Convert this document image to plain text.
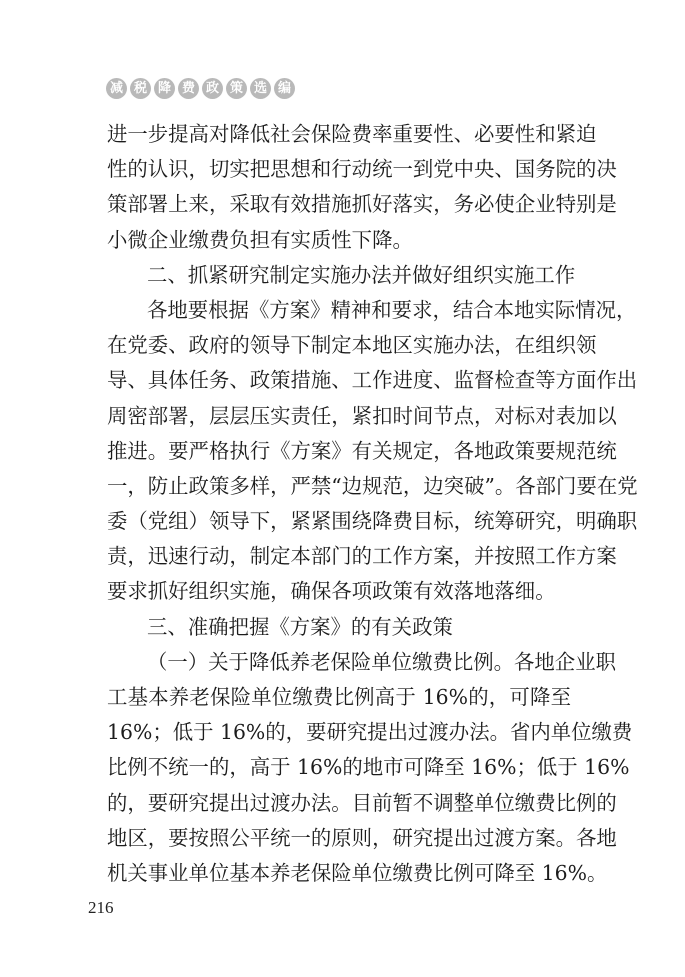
减 税 降 费 政 策 选 编
进一步提高对降低社会保险费率重要性、必要性和紧迫
性的认识，切实把思想和行动统一到党中央、国务院的决
策部署上来，采取有效措施抓好落实，务必使企业特别是
小微企业缴费负担有实质性下降。
二、抓紧研究制定实施办法并做好组织实施工作
各地要根据《方案》精神和要求，结合本地实际情况，
在党委、政府的领导下制定本地区实施办法，在组织领
导、具体任务、政策措施、工作进度、监督检查等方面作出
周密部署，层层压实责任，紧扣时间节点，对标对表加以
推进。要严格执行《方案》有关规定，各地政策要规范统
一，防止政策多样，严禁“边规范，边突破”。各部门要在党
委（党组）领导下，紧紧围绕降费目标，统筹研究，明确职
责，迅速行动，制定本部门的工作方案，并按照工作方案
要求抓好组织实施，确保各项政策有效落地落细。
三、准确把握《方案》的有关政策
（一）关于降低养老保险单位缴费比例。各地企业职
工基本养老保险单位缴费比例高于 16%的，可降至
16%；低于 16%的，要研究提出过渡办法。省内单位缴费
比例不统一的，高于 16%的地市可降至 16%；低于 16%
的，要研究提出过渡办法。目前暂不调整单位缴费比例的
地区，要按照公平统一的原则，研究提出过渡方案。各地
机关事业单位基本养老保险单位缴费比例可降至 16%。
216
